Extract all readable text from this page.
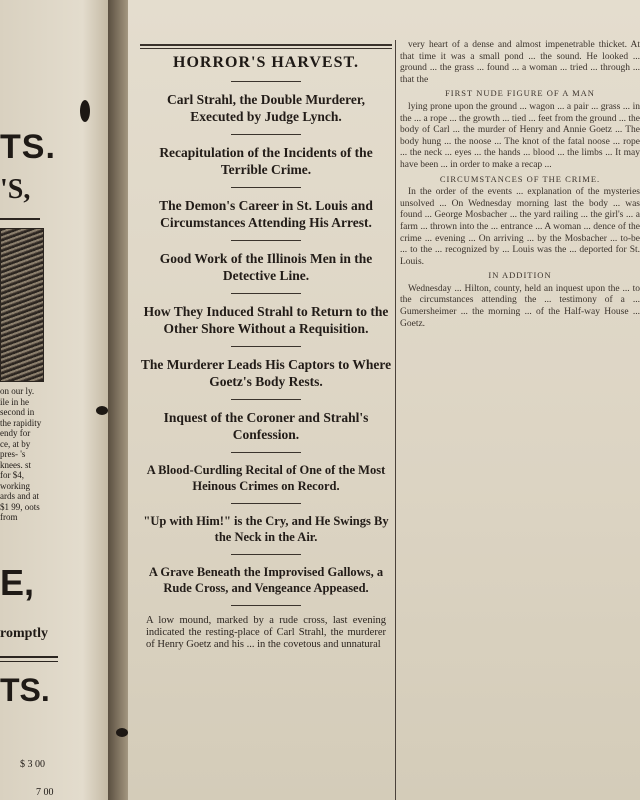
TS.
'S,
on our ly. ile in he second in the rapidity endy for ce, at by pres- 's knees. st for $4, working ards and at $1 99, oots from
E,
romptly
TS.
$ 3 00
7 00
HORROR'S HARVEST.

Carl Strahl, the Double Murderer, Executed by Judge Lynch.

Recapitulation of the Incidents of the Terrible Crime.

The Demon's Career in St. Louis and Circumstances Attending His Arrest.

Good Work of the Illinois Men in the Detective Line.

How They Induced Strahl to Return to the Other Shore Without a Requisition.

The Murderer Leads His Captors to Where Goetz's Body Rests.

Inquest of the Coroner and Strahl's Confession.

A Blood-Curdling Recital of One of the Most Heinous Crimes on Record.

"Up with Him!" is the Cry, and He Swings By the Neck in the Air.

A Grave Beneath the Improvised Gallows, a Rude Cross, and Vengeance Appeased.

A low mound, marked by a rude cross, last evening indicated the resting-place of Carl Strahl, the murderer of Henry Goetz and his ... in the covetous and unnatural

very heart of a dense and almost impenetrable thicket. At that time it was a small pond ... the sound. He looked ... ground ... the grass ... found ... a woman ... tried ... through ... that the

FIRST NUDE FIGURE OF A MAN

lying prone upon the ground ... wagon ... a pair ... grass ... in the ... a rope ... the growth ... tied ... feet from the ground ... the body of Carl ... the murder of Henry and Annie Goetz ... The body hung ... the noose ... The knot of the fatal noose ... rope ... the neck ... eyes ... the hands ... blood ... the limbs ... It may have been ... in order to make a recap ...

CIRCUMSTANCES OF THE CRIME.

In the order of the events ... explanation of the mysteries unsolved ... On Wednesday morning last the body ... was found ... George Mosbacher ... the yard railing ... the girl's ... a farm ... thrown into the ... entrance ... A woman ... dence of the crime ... evening ... On arriving ... by the Mosbacher ... to-be ... to the ... recognized by ... Louis was the ... deported for St. Louis.

IN ADDITION

Wednesday ... Hilton, county, held an inquest upon the ... to the circumstances attending the ... testimony of a ... Gumersheimer ... the morning ... of the Half-way House ... Goetz.
